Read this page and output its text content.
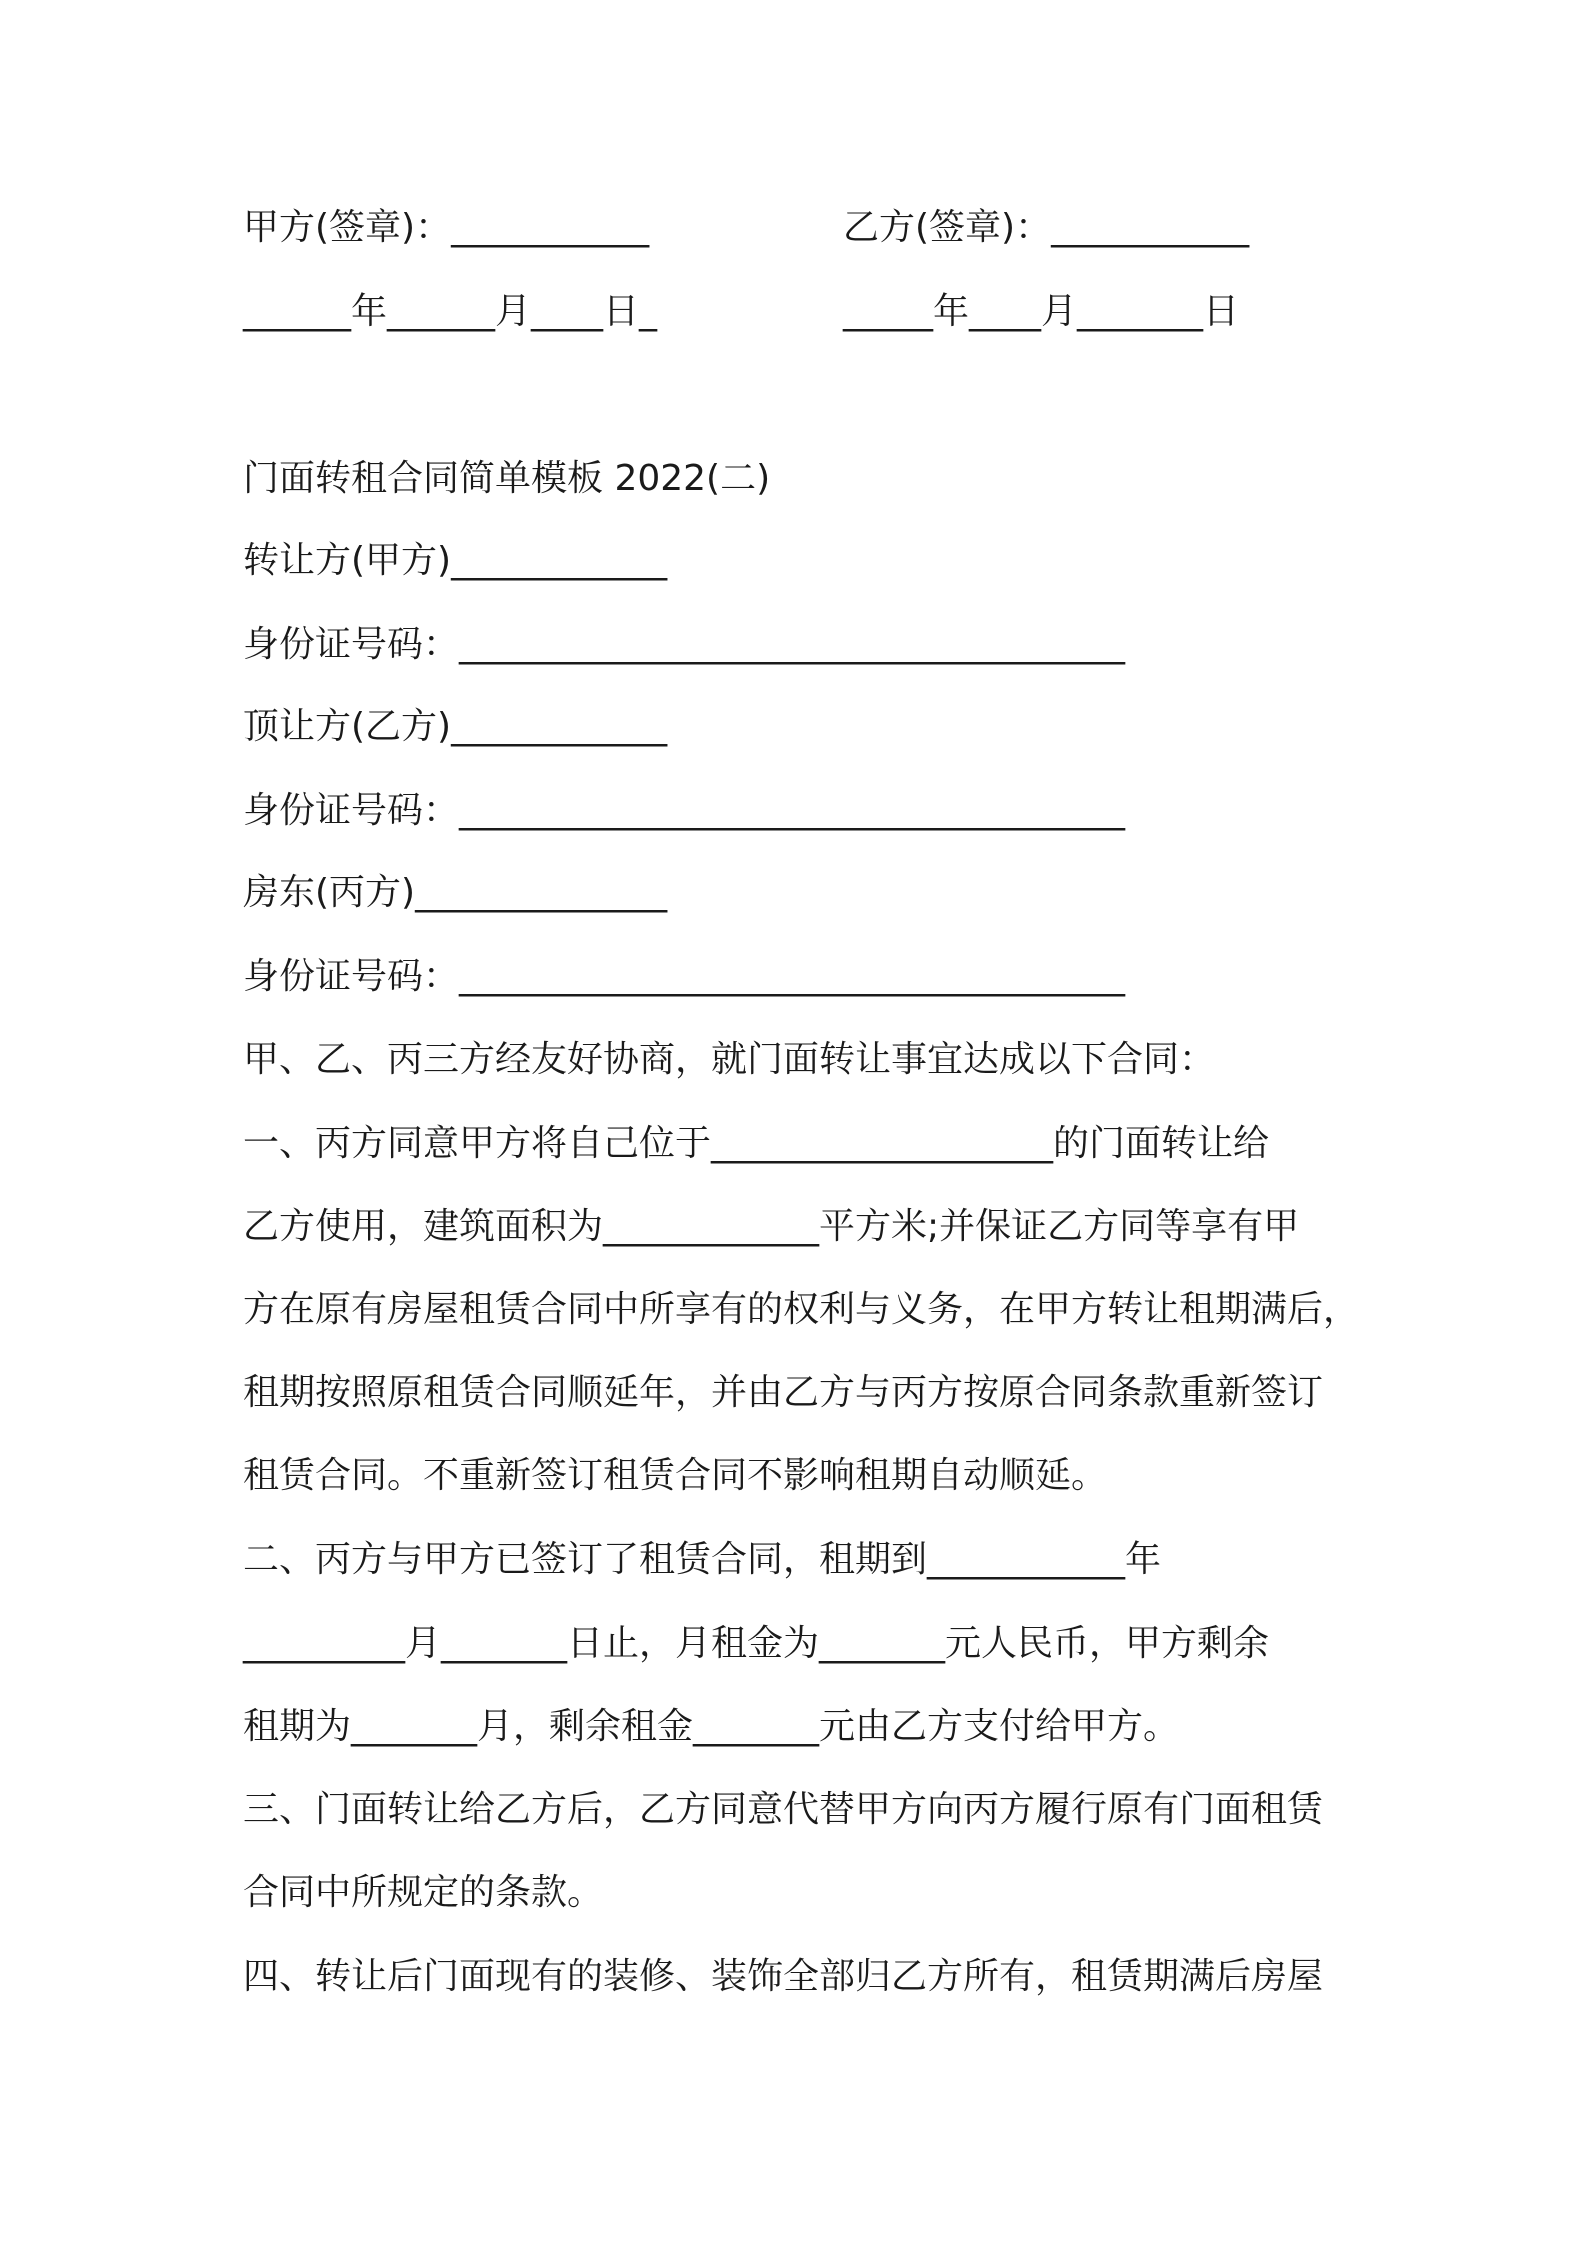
甲方(签章)：___________	乙方(签章)：___________

______年______月____日_	_____年____月_______日

门面转租合同简单模板 2022(二)

转让方(甲方)____________

身份证号码：_____________________________________

顶让方(乙方)____________

身份证号码：_____________________________________

房东(丙方)______________

身份证号码：_____________________________________

甲、乙、丙三方经友好协商，就门面转让事宜达成以下合同：

一、丙方同意甲方将自己位于___________________的门面转让给

乙方使用，建筑面积为____________平方米;并保证乙方同等享有甲

方在原有房屋租赁合同中所享有的权利与义务，在甲方转让租期满后，

租期按照原租赁合同顺延年，并由乙方与丙方按原合同条款重新签订

租赁合同。不重新签订租赁合同不影响租期自动顺延。

二、丙方与甲方已签订了租赁合同，租期到___________年

_________月_______日止，月租金为_______元人民币，甲方剩余

租期为_______月，剩余租金_______元由乙方支付给甲方。

三、门面转让给乙方后，乙方同意代替甲方向丙方履行原有门面租赁

合同中所规定的条款。

四、转让后门面现有的装修、装饰全部归乙方所有，租赁期满后房屋
